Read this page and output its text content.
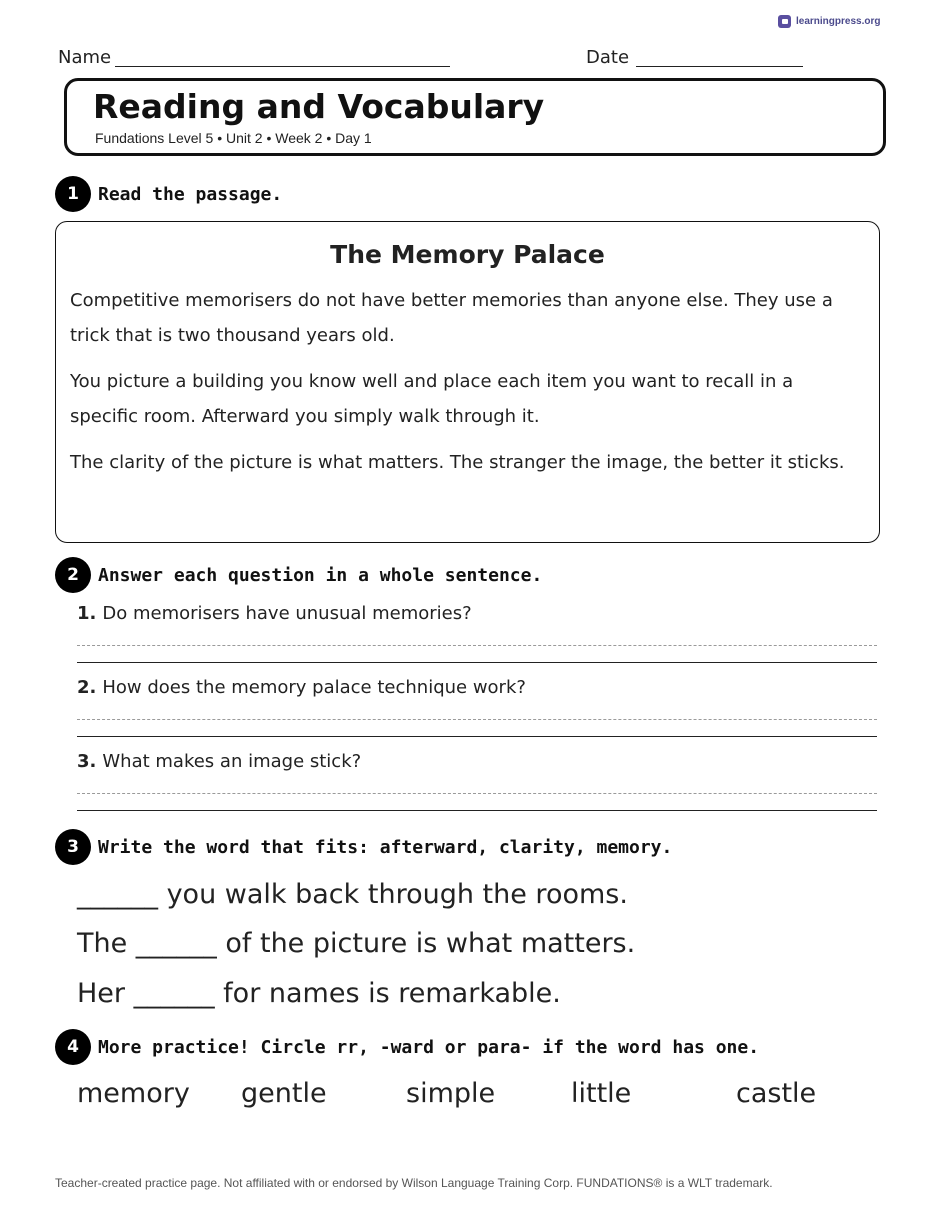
learningpress.org
Name	Date
Reading and Vocabulary
Fundations Level 5 • Unit 2 • Week 2 • Day 1
1	Read the passage.
The Memory Palace

Competitive memorisers do not have better memories than anyone else. They use a trick that is two thousand years old.

You picture a building you know well and place each item you want to recall in a specific room. Afterward you simply walk through it.

The clarity of the picture is what matters. The stranger the image, the better it sticks.

2	Answer each question in a whole sentence.
1. Do memorisers have unusual memories?
2. How does the memory palace technique work?
3. What makes an image stick?
3	Write the word that fits: afterward, clarity, memory.
______ you walk back through the rooms.
The ______ of the picture is what matters.
Her ______ for names is remarkable.
4	More practice! Circle rr, -ward or para- if the word has one.
memory gentle	simple	little	castle
Teacher-created practice page. Not affiliated with or endorsed by Wilson Language Training Corp. FUNDATIONS® is a WLT trademark.
